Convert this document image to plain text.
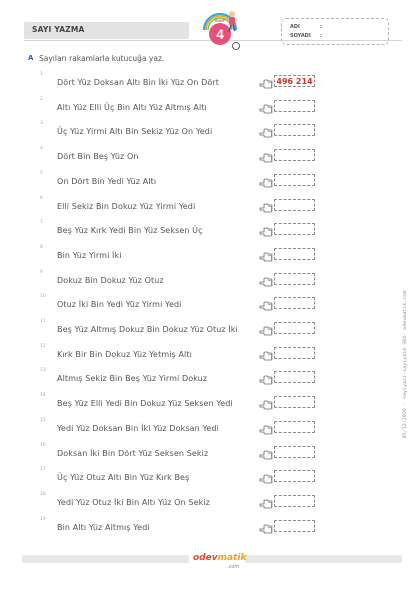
SAYI YAZMA	4
SINIF
ADI	:
SOYADI :
A Sayıları rakamlarla kutucuğa yaz.
1
Dört Yüz Doksan Altı Bin İki Yüz On Dört	496 214
2
Altı Yüz Elli Üç Bin Altı Yüz Altmış Altı
3
Üç Yüz Yirmi Altı Bin Sekiz Yüz On Yedi
4
Dört Bin Beş Yüz On
5
On Dört Bin Yedi Yüz Altı
6
Elli Sekiz Bin Dokuz Yüz Yirmi Yedi
7
Beş Yüz Kırk Yedi Bin Yüz Seksen Üç
8
Bin Yüz Yirmi İki
9
Dokuz Bin Dokuz Yüz Otuz
10
Otuz İki Bin Yedi Yüz Yirmi Yedi
11
Beş Yüz Altmış Dokuz Bin Dokuz Yüz Otuz İki
12
Kırk Bir Bin Dokuz Yüz Yetmiş Altı
13
Altmış Sekiz Bin Beş Yüz Yirmi Dokuz
14
Beş Yüz Elli Yedi Bin Dokuz Yüz Seksen Yedi
15
Yedi Yüz Doksan Bin İki Yüz Doksan Yedi
16
Doksan İki Bin Dört Yüz Seksen Sekiz
17
Üç Yüz Otuz Altı Bin Yüz Kırk Beş
18
Yedi Yüz Otuz İki Bin Altı Yüz On Sekiz
19
Bin Altı Yüz Altmış Yedi
05/12/2026 - sayiyazi-sayiyaz4-384- odevmatik.com
odevmatik
.com
